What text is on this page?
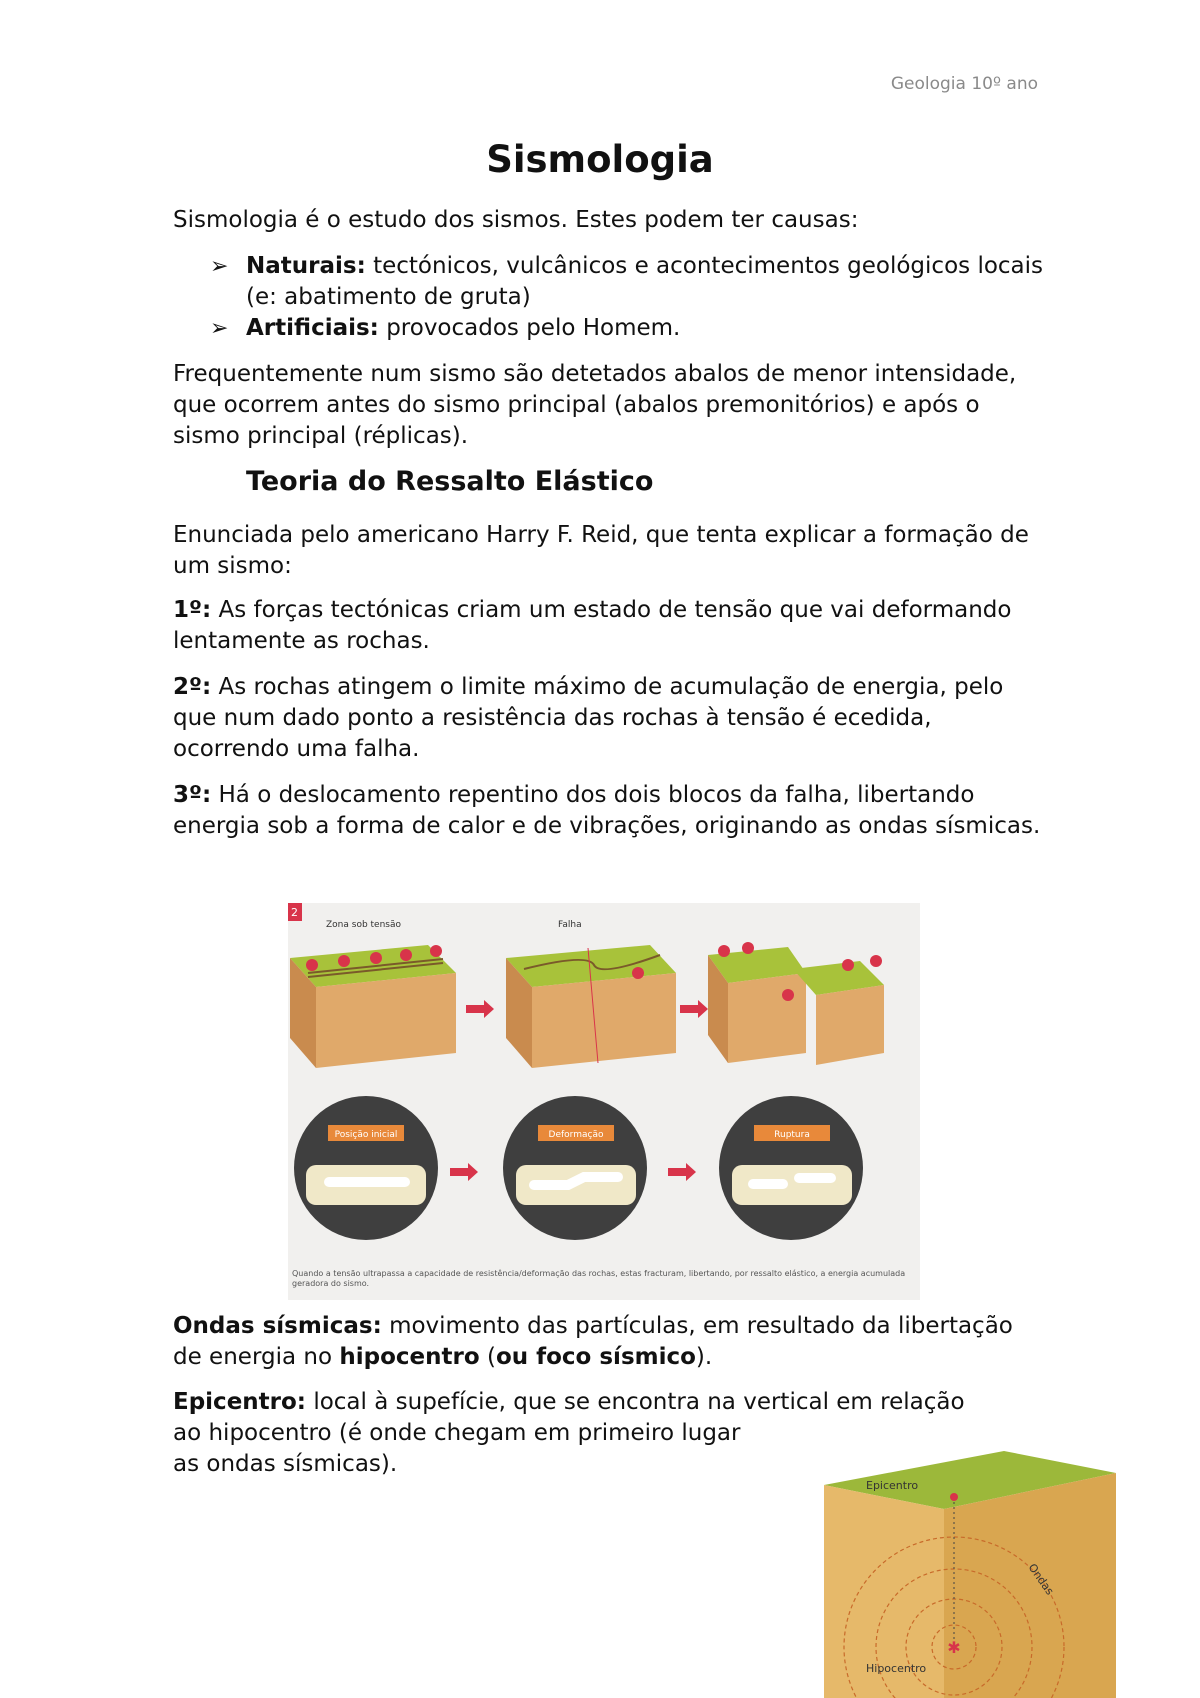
Geologia 10º ano
Sismologia

Sismologia é o estudo dos sismos. Estes podem ter causas:

➢ Naturais: tectónicos, vulcânicos e acontecimentos geológicos locais (e: abatimento de gruta)
➢ Artificiais: provocados pelo Homem.

Frequentemente num sismo são detetados abalos de menor intensidade, que ocorrem antes do sismo principal (abalos premonitórios) e após o sismo principal (réplicas).

Teoria do Ressalto Elástico

Enunciada pelo americano Harry F. Reid, que tenta explicar a formação de um sismo:

1º: As forças tectónicas criam um estado de tensão que vai deformando lentamente as rochas.

2º: As rochas atingem o limite máximo de acumulação de energia, pelo que num dado ponto a resistência das rochas à tensão é ecedida, ocorrendo uma falha.

3º: Há o deslocamento repentino dos dois blocos da falha, libertando energia sob a forma de calor e de vibrações, originando as ondas sísmicas.

2
Zona sob tensão	Falha
Posição inicial	Deformação	Ruptura
Quando a tensão ultrapassa a capacidade de resistência/deformação das rochas, estas fracturam, libertando, por ressalto elástico, a energia acumulada geradora do sismo.

Ondas sísmicas: movimento das partículas, em resultado da libertação de energia no hipocentro (ou foco sísmico).

Epicentro: local à supefície, que se encontra na vertical em relação
ao hipocentro (é onde chegam em primeiro lugar
as ondas sísmicas).

✱
Epicentro
Ondas
Hipocentro
